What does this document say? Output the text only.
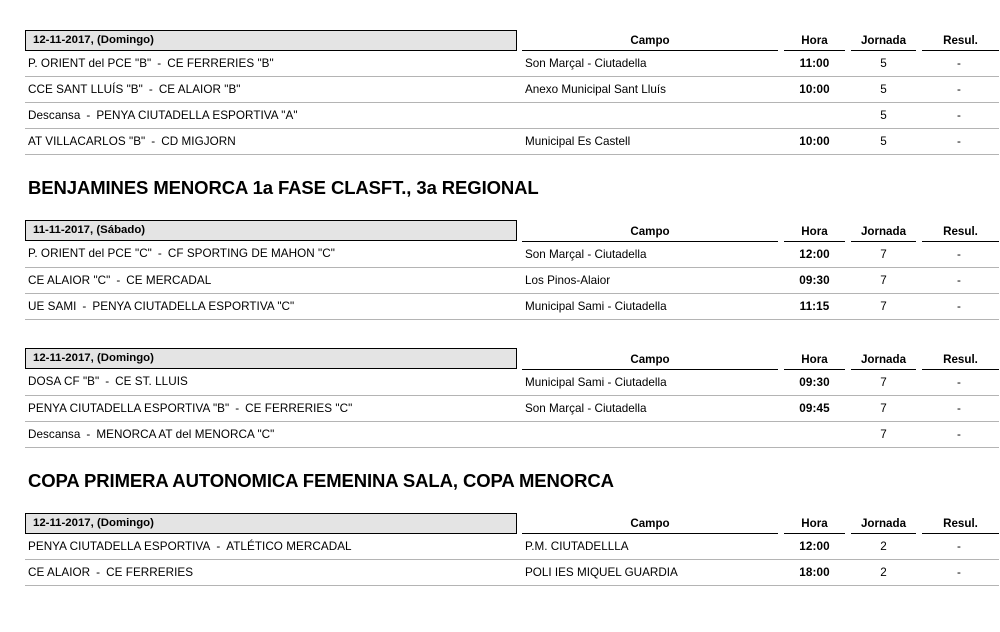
12-11-2017, (Domingo)	Campo	Hora	Jornada	Resul.
P. ORIENT del PCE "B" - CE FERRERIES "B"	Son Marçal - Ciutadella	11:00	5	-
CCE SANT LLUÍS "B" - CE ALAIOR "B"	Anexo Municipal Sant Lluís	10:00	5	-
Descansa - PENYA CIUTADELLA ESPORTIVA "A"			5	-
AT VILLACARLOS "B" - CD MIGJORN	Municipal Es Castell	10:00	5	-
BENJAMINES MENORCA 1a FASE CLASFT., 3a REGIONAL
11-11-2017, (Sábado)	Campo	Hora	Jornada	Resul.
P. ORIENT del PCE "C" - CF SPORTING DE MAHON "C"	Son Marçal - Ciutadella	12:00	7	-
CE ALAIOR "C" - CE MERCADAL	Los Pinos-Alaior	09:30	7	-
UE SAMI - PENYA CIUTADELLA ESPORTIVA "C"	Municipal Sami - Ciutadella	11:15	7	-
12-11-2017, (Domingo)	Campo	Hora	Jornada	Resul.
DOSA CF "B" - CE ST. LLUIS	Municipal Sami - Ciutadella	09:30	7	-
PENYA CIUTADELLA ESPORTIVA "B" - CE FERRERIES "C"	Son Marçal - Ciutadella	09:45	7	-
Descansa - MENORCA AT del MENORCA "C"			7	-
COPA PRIMERA AUTONOMICA FEMENINA SALA, COPA MENORCA
12-11-2017, (Domingo)	Campo	Hora	Jornada	Resul.
PENYA CIUTADELLA ESPORTIVA - ATLÉTICO MERCADAL	P.M. CIUTADELLLA	12:00	2	-
CE ALAIOR - CE FERRERIES	POLI IES MIQUEL GUARDIA	18:00	2	-
